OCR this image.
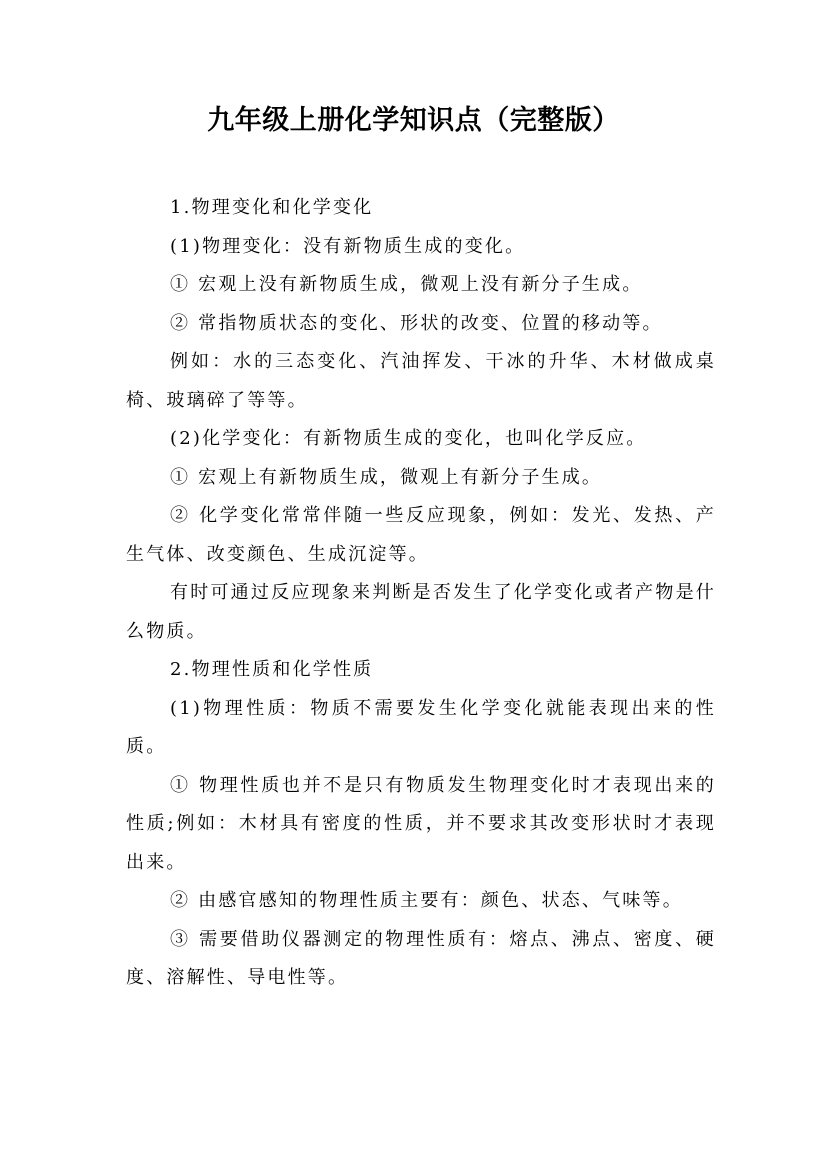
九年级上册化学知识点（完整版）

1.物理变化和化学变化

(1)物理变化：没有新物质生成的变化。

① 宏观上没有新物质生成，微观上没有新分子生成。

② 常指物质状态的变化、形状的改变、位置的移动等。

例如：水的三态变化、汽油挥发、干冰的升华、木材做成桌椅、玻璃碎了等等。

(2)化学变化：有新物质生成的变化，也叫化学反应。

① 宏观上有新物质生成，微观上有新分子生成。

② 化学变化常常伴随一些反应现象，例如：发光、发热、产生气体、改变颜色、生成沉淀等。

有时可通过反应现象来判断是否发生了化学变化或者产物是什么物质。

2.物理性质和化学性质

(1)物理性质：物质不需要发生化学变化就能表现出来的性质。

① 物理性质也并不是只有物质发生物理变化时才表现出来的性质;例如：木材具有密度的性质，并不要求其改变形状时才表现出来。

② 由感官感知的物理性质主要有：颜色、状态、气味等。

③ 需要借助仪器测定的物理性质有：熔点、沸点、密度、硬度、溶解性、导电性等。
